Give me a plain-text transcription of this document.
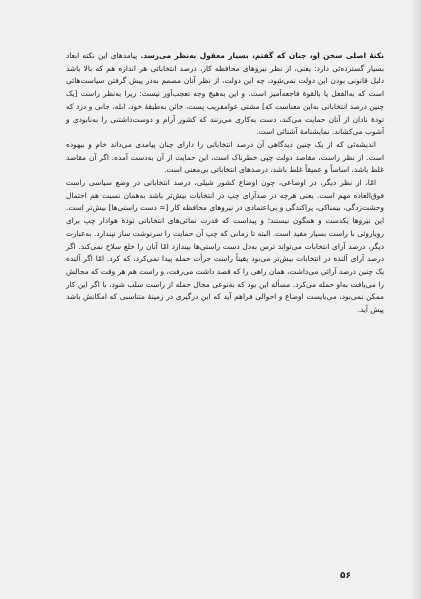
نکتهٔ اصلی سخن او، چنان که گفتم، بسیار معقول به‌نظر می‌رسد. پیامدهای این نکته ابعاد بسیار گسترده‌ئی دارد: یعنی، از نظر نیروهای محافظه کار، درصد انتخاباتی هر اندازه هم که بالا باشد دلیل قانونی بودن این دولت نمی‌شود، چه این دولت، از نظر آنان مصمم به‌در پیش گرفتن سیاست‌هائی است که به‌الفعل یا بالقوهٔ فاجعه‌آمیز است. و این به‌هیچ وجه تعجب‌آور نیست: زیرا به‌نظر راست [یک چنین درصد انتخاباتی به‌این معناست که] مشتی عوامفریب پست، خائن به‌طبقهٔ خود، ابله، جانی و دزد که تودهٔ نادان از آنان حمایت می‌کند، دست به‌کاری می‌زنند که کشور آرام و دوست‌داشتنی را به‌نابودی و آشوب می‌کشاند. نمایشنامهٔ آشنائی است.

اندیشه‌ئی که از یک چنین دیدگاهی آن درصد انتخاباتی را دارای چنان پیامدی می‌داند خام و بیهوده است. از نظر راست، مقاصد دولت چپی خطرناک است، این حمایت از آن به‌دست آمده. اگر آن مقاصد غلط باشد، اساساً و عمیقاً غلط باشد، درصدهای انتخاباتی بی‌معنی است.

امّا، از نظر دیگر، در اوضاعی، چون اوضاع کشور شیلی، درصد انتخاباتی در وضع سیاسی راست فوق‌العاده مهم است. یعنی هرچه در صدآرای چپ در انتخابات بیش‌تر باشد به‌همان نسبت هم احتمال وحشت‌زدگی، بیمناکی، پراکندگی و بی‌اعتمادی در نیروهای محافظه کار [= دست راستی‌ها] بیش‌تر است. این نیروها یکدست و همگون نیستند؛ و پیداست که قدرت نمائی‌های انتخاباتی تودهٔ هوادار چپ برای رویاروئی با راست بسیار مفید است. البته تا زمانی که چپ آن حمایت را سرنوشت ساز نپندارد. به‌عبارت دیگر، درصد آرای انتخابات می‌تواند ترس به‌دل دست راستی‌ها بیندازد امّا آنان را خلع سلاح نمی‌کند. اگر درصد آرای آلنده در انتخابات بیش‌تر می‌بود یقیناً راست جرأت حمله پیدا نمی‌کرد، که کرد. امّا اگر آلنده یک چنین درصد آرائی می‌داشت، همان راهی را که قصد داشت می‌رفت، و راست هم هر وقت که مجالش را می‌یافت به‌او حمله می‌کرد. مسأله این بود که به‌نوعی مجال حمله از راست سلب شود، با اگر این کار ممکن نمی‌بود، می‌بایست اوضاع و احوالی فراهم آید که این درگیری در زمینهٔ متناسبی که امکانش باشد پیش آید.

۵۶
